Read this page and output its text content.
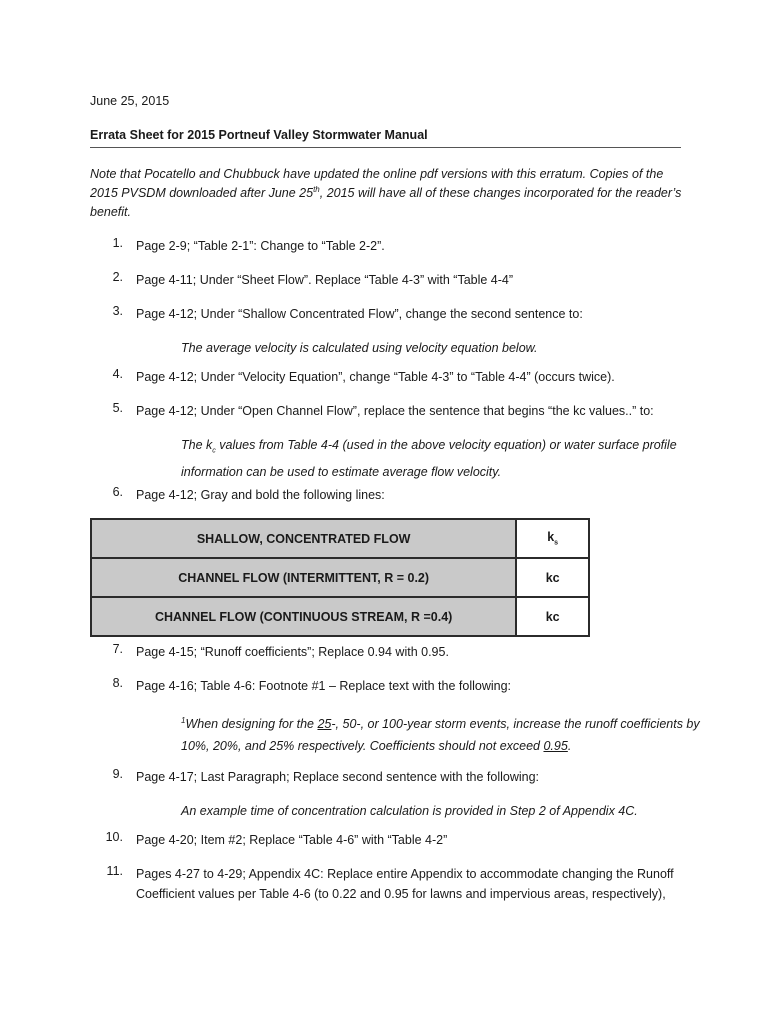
June 25, 2015
Errata Sheet for 2015 Portneuf Valley Stormwater Manual
Note that Pocatello and Chubbuck have updated the online pdf versions with this erratum. Copies of the 2015 PVSDM downloaded after June 25th, 2015 will have all of these changes incorporated for the reader’s benefit.
1. Page 2-9; “Table 2-1”: Change to “Table 2-2”.
2. Page 4-11; Under “Sheet Flow”. Replace “Table 4-3” with “Table 4-4”
3. Page 4-12; Under “Shallow Concentrated Flow”, change the second sentence to:
The average velocity is calculated using velocity equation below.
4. Page 4-12; Under “Velocity Equation”, change “Table 4-3” to “Table 4-4” (occurs twice).
5. Page 4-12; Under “Open Channel Flow”, replace the sentence that begins “the kc values..” to:
The $k_c$ values from Table 4-4 (used in the above velocity equation) or water surface profile information can be used to estimate average flow velocity.
6. Page 4-12; Gray and bold the following lines:
SHALLOW, CONCENTRATED FLOW	$k_s$
CHANNEL FLOW (INTERMITTENT, R = 0.2)	kc
CHANNEL FLOW (CONTINUOUS STREAM, R =0.4)	kc
7. Page 4-15; “Runoff coefficients”; Replace 0.94 with 0.95.
8. Page 4-16; Table 4-6: Footnote #1 – Replace text with the following:
$^1$When designing for the 25-, 50-, or 100-year storm events, increase the runoff coefficients by 10%, 20%, and 25% respectively. Coefficients should not exceed 0.95.
9. Page 4-17; Last Paragraph; Replace second sentence with the following:
An example time of concentration calculation is provided in Step 2 of Appendix 4C.
10. Page 4-20; Item #2; Replace “Table 4-6” with “Table 4-2”
11. Pages 4-27 to 4-29; Appendix 4C: Replace entire Appendix to accommodate changing the Runoff Coefficient values per Table 4-6 (to 0.22 and 0.95 for lawns and impervious areas, respectively),
